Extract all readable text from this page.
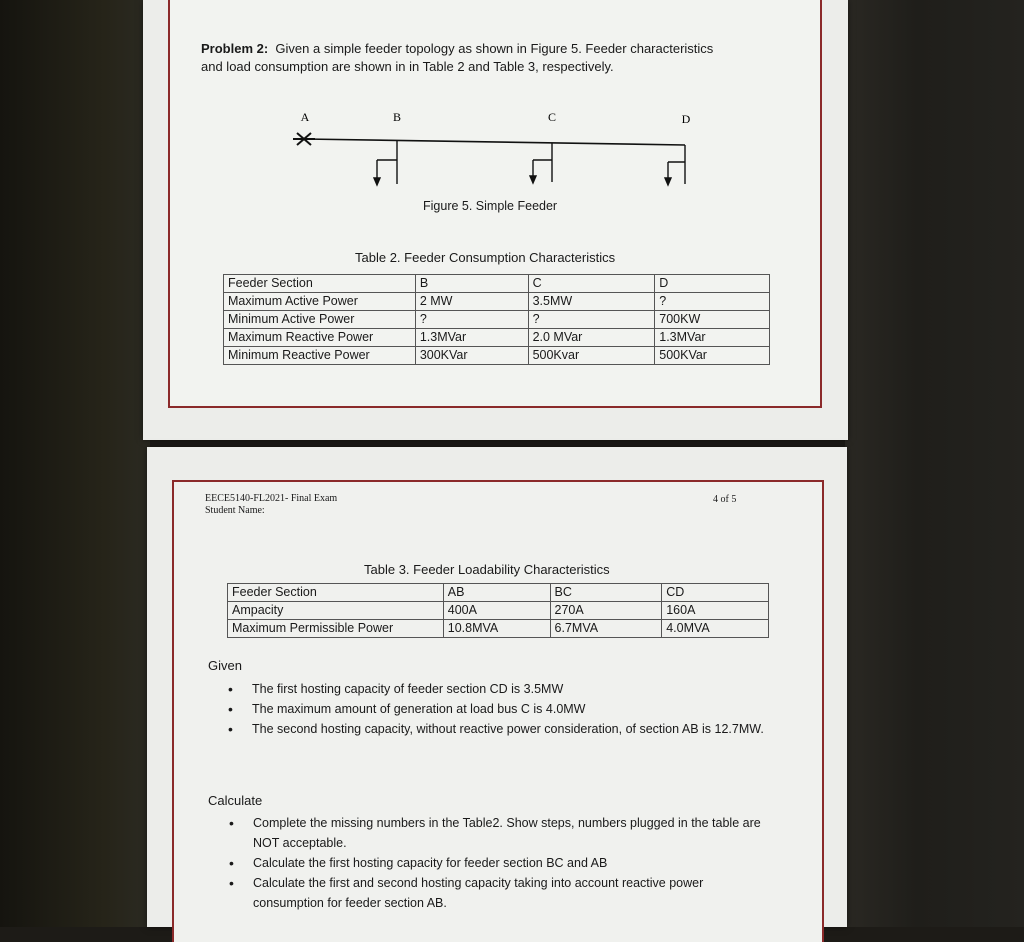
Problem 2: Given a simple feeder topology as shown in Figure 5. Feeder characteristics
and load consumption are shown in in Table 2 and Table 3, respectively.
A	B	C	D
Figure 5. Simple Feeder
Table 2. Feeder Consumption Characteristics
Feeder Section	B	C	D
Maximum Active Power	2 MW	3.5MW	?
Minimum Active Power	?	?	700KW
Maximum Reactive Power	1.3MVar	2.0 MVar	1.3MVar
Minimum Reactive Power	300KVar	500Kvar	500KVar
EECE5140-FL2021- Final Exam
Student Name:
4 of 5
Table 3. Feeder Loadability Characteristics
Feeder Section	AB	BC	CD
Ampacity	400A	270A	160A
Maximum Permissible Power	10.8MVA	6.7MVA	4.0MVA
Given
• The first hosting capacity of feeder section CD is 3.5MW
• The maximum amount of generation at load bus C is 4.0MW
• The second hosting capacity, without reactive power consideration, of section AB is 12.7MW.
Calculate
• Complete the missing numbers in the Table2. Show steps, numbers plugged in the table are NOT acceptable.
• Calculate the first hosting capacity for feeder section BC and AB
• Calculate the first and second hosting capacity taking into account reactive power consumption for feeder section AB.
